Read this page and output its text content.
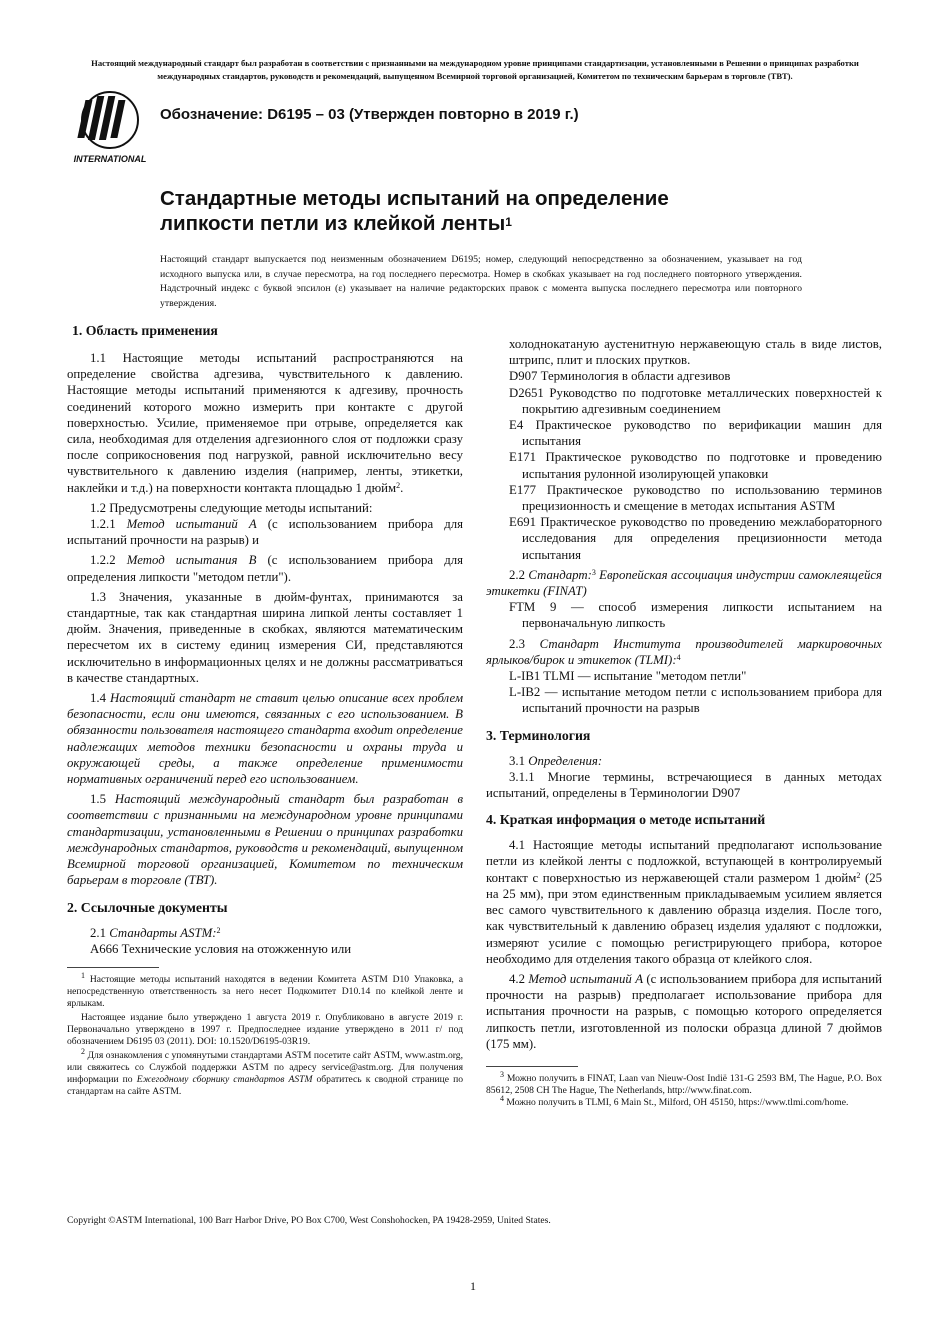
Настоящий международный стандарт был разработан в соответствии с признанными на международном уровне принципами стандартизации, установленными в Решении о принципах разработки международных стандартов, руководств и рекомендаций, выпущенном Всемирной торговой организацией, Комитетом по техническим барьерам в торговле (ТВТ).
INTERNATIONAL
Обозначение: D6195 – 03 (Утвержден повторно в 2019 г.)
Стандартные методы испытаний на определение
липкости петли из клейкой ленты$^1$
Настоящий стандарт выпускается под неизменным обозначением D6195; номер, следующий непосредственно за обозначением, указывает на год исходного выпуска или, в случае пересмотра, на год последнего пересмотра. Номер в скобках указывает на год последнего повторного утверждения. Надстрочный индекс с буквой эпсилон (ε) указывает на наличие редакторских правок с момента выпуска последнего пересмотра или повторного утверждения.
1. Область применения

1.1 Настоящие методы испытаний распространяются на определение свойства адгезива, чувствительного к давлению. Настоящие методы испытаний применяются к адгезиву, прочность соединений которого можно измерить при контакте с другой поверхностью. Усилие, применяемое при отрыве, определяется как сила, необходимая для отделения адгезионного слоя от подложки сразу после соприкосновения под нагрузкой, равной исключительно весу чувствительного к давлению изделия (например, ленты, этикетки, наклейки и т.д.) на поверхности контакта площадью 1 дюйм$^2$.

1.2 Предусмотрены следующие методы испытаний:

1.2.1 Метод испытаний A (с использованием прибора для испытаний прочности на разрыв) и

1.2.2 Метод испытания B (с использованием прибора для определения липкости "методом петли").

1.3 Значения, указанные в дюйм-фунтах, принимаются за стандартные, так как стандартная ширина липкой ленты составляет 1 дюйм. Значения, приведенные в скобках, являются математическим пересчетом их в систему единиц измерения СИ, представляются исключительно в информационных целях и не должны рассматриваться в качестве стандартных.

1.4 Настоящий стандарт не ставит целью описание всех проблем безопасности, если они имеются, связанных с его использованием. В обязанности пользователя настоящего стандарта входит определение надлежащих методов техники безопасности и охраны труда и окружающей среды, а также определение применимости нормативных ограничений перед его использованием.

1.5 Настоящий международный стандарт был разработан в соответствии с признанными на международном уровне принципами стандартизации, установленными в Решении о принципах разработки международных стандартов, руководств и рекомендаций, выпущенном Всемирной торговой организацией, Комитетом по техническим барьерам в торговле (ТВТ).

2. Ссылочные документы

2.1 Стандарты ASTM:$^2$

A666 Технические условия на отожженную или

$^1$ Настоящие методы испытаний находятся в ведении Комитета ASTM D10 Упаковка, а непосредственную ответственность за него несет Подкомитет D10.14 по клейкой ленте и ярлыкам.

Настоящее издание было утверждено 1 августа 2019 г. Опубликовано в августе 2019 г. Первоначально утверждено в 1997 г. Предпоследнее издание утверждено в 2011 г/ под обозначением D6195 03 (2011). DOI: 10.1520/D6195-03R19.

$^2$ Для ознакомления с упомянутыми стандартами ASTM посетите сайт ASTM, www.astm.org, или свяжитесь со Службой поддержки ASTM по адресу service@astm.org. Для получения информации по Ежегодному сборнику стандартов ASTM обратитесь к сводной странице по стандартам на сайте ASTM.

холоднокатаную аустенитную нержавеющую сталь в виде листов, штрипс, плит и плоских прутков.

D907 Терминология в области адгезивов

D2651 Руководство по подготовке металлических поверхностей к покрытию адгезивным соединением

E4 Практическое руководство по верификации машин для испытания

E171 Практическое руководство по подготовке и проведению испытания рулонной изолирующей упаковки

E177 Практическое руководство по использованию терминов прецизионность и смещение в методах испытания ASTM

E691 Практическое руководство по проведению межлабораторного исследования для определения прецизионности метода испытания

2.2 Стандарт:$^3$ Европейская ассоциация индустрии самоклеящейся этикетки (FINAT)

FTM 9 — способ измерения липкости испытанием на первоначальную липкость

2.3 Стандарт Института производителей маркировочных ярлыков/бирок и этикеток (TLMI):$^4$

L-IB1 TLMI — испытание "методом петли"

L-IB2 — испытание методом петли с использованием прибора для испытаний прочности на разрыв

3. Терминология

3.1 Определения:

3.1.1 Многие термины, встречающиеся в данных методах испытаний, определены в Терминологии D907

4. Краткая информация о методе испытаний

4.1 Настоящие методы испытаний предполагают использование петли из клейкой ленты с подложкой, вступающей в контролируемый контакт с поверхностью из нержавеющей стали размером 1 дюйм$^2$ (25 на 25 мм), при этом единственным прикладываемым усилием является вес самого чувствительного к давлению образца изделия. После того, как чувствительный к давлению образец изделия удаляют с подложки, измеряют усилие с помощью регистрирующего прибора, которое необходимо для отделения такого образца от клейкого слоя.

4.2 Метод испытаний A (с использованием прибора для испытаний прочности на разрыв) предполагает использование прибора для испытания прочности на разрыв, с помощью которого определяется липкость петли, изготовленной из полоски образца длиной 7 дюймов (175 мм).

$^3$ Можно получить в FINAT, Laan van Nieuw-Oost Indië 131-G 2593 BM, The Hague, P.O. Box 85612, 2508 CH The Hague, The Netherlands, http://www.finat.com.

$^4$ Можно получить в TLMI, 6 Main St., Milford, OH 45150, https://www.tlmi.com/home.

Copyright ©ASTM International, 100 Barr Harbor Drive, PO Box C700, West Conshohocken, PA 19428-2959, United States.
1
